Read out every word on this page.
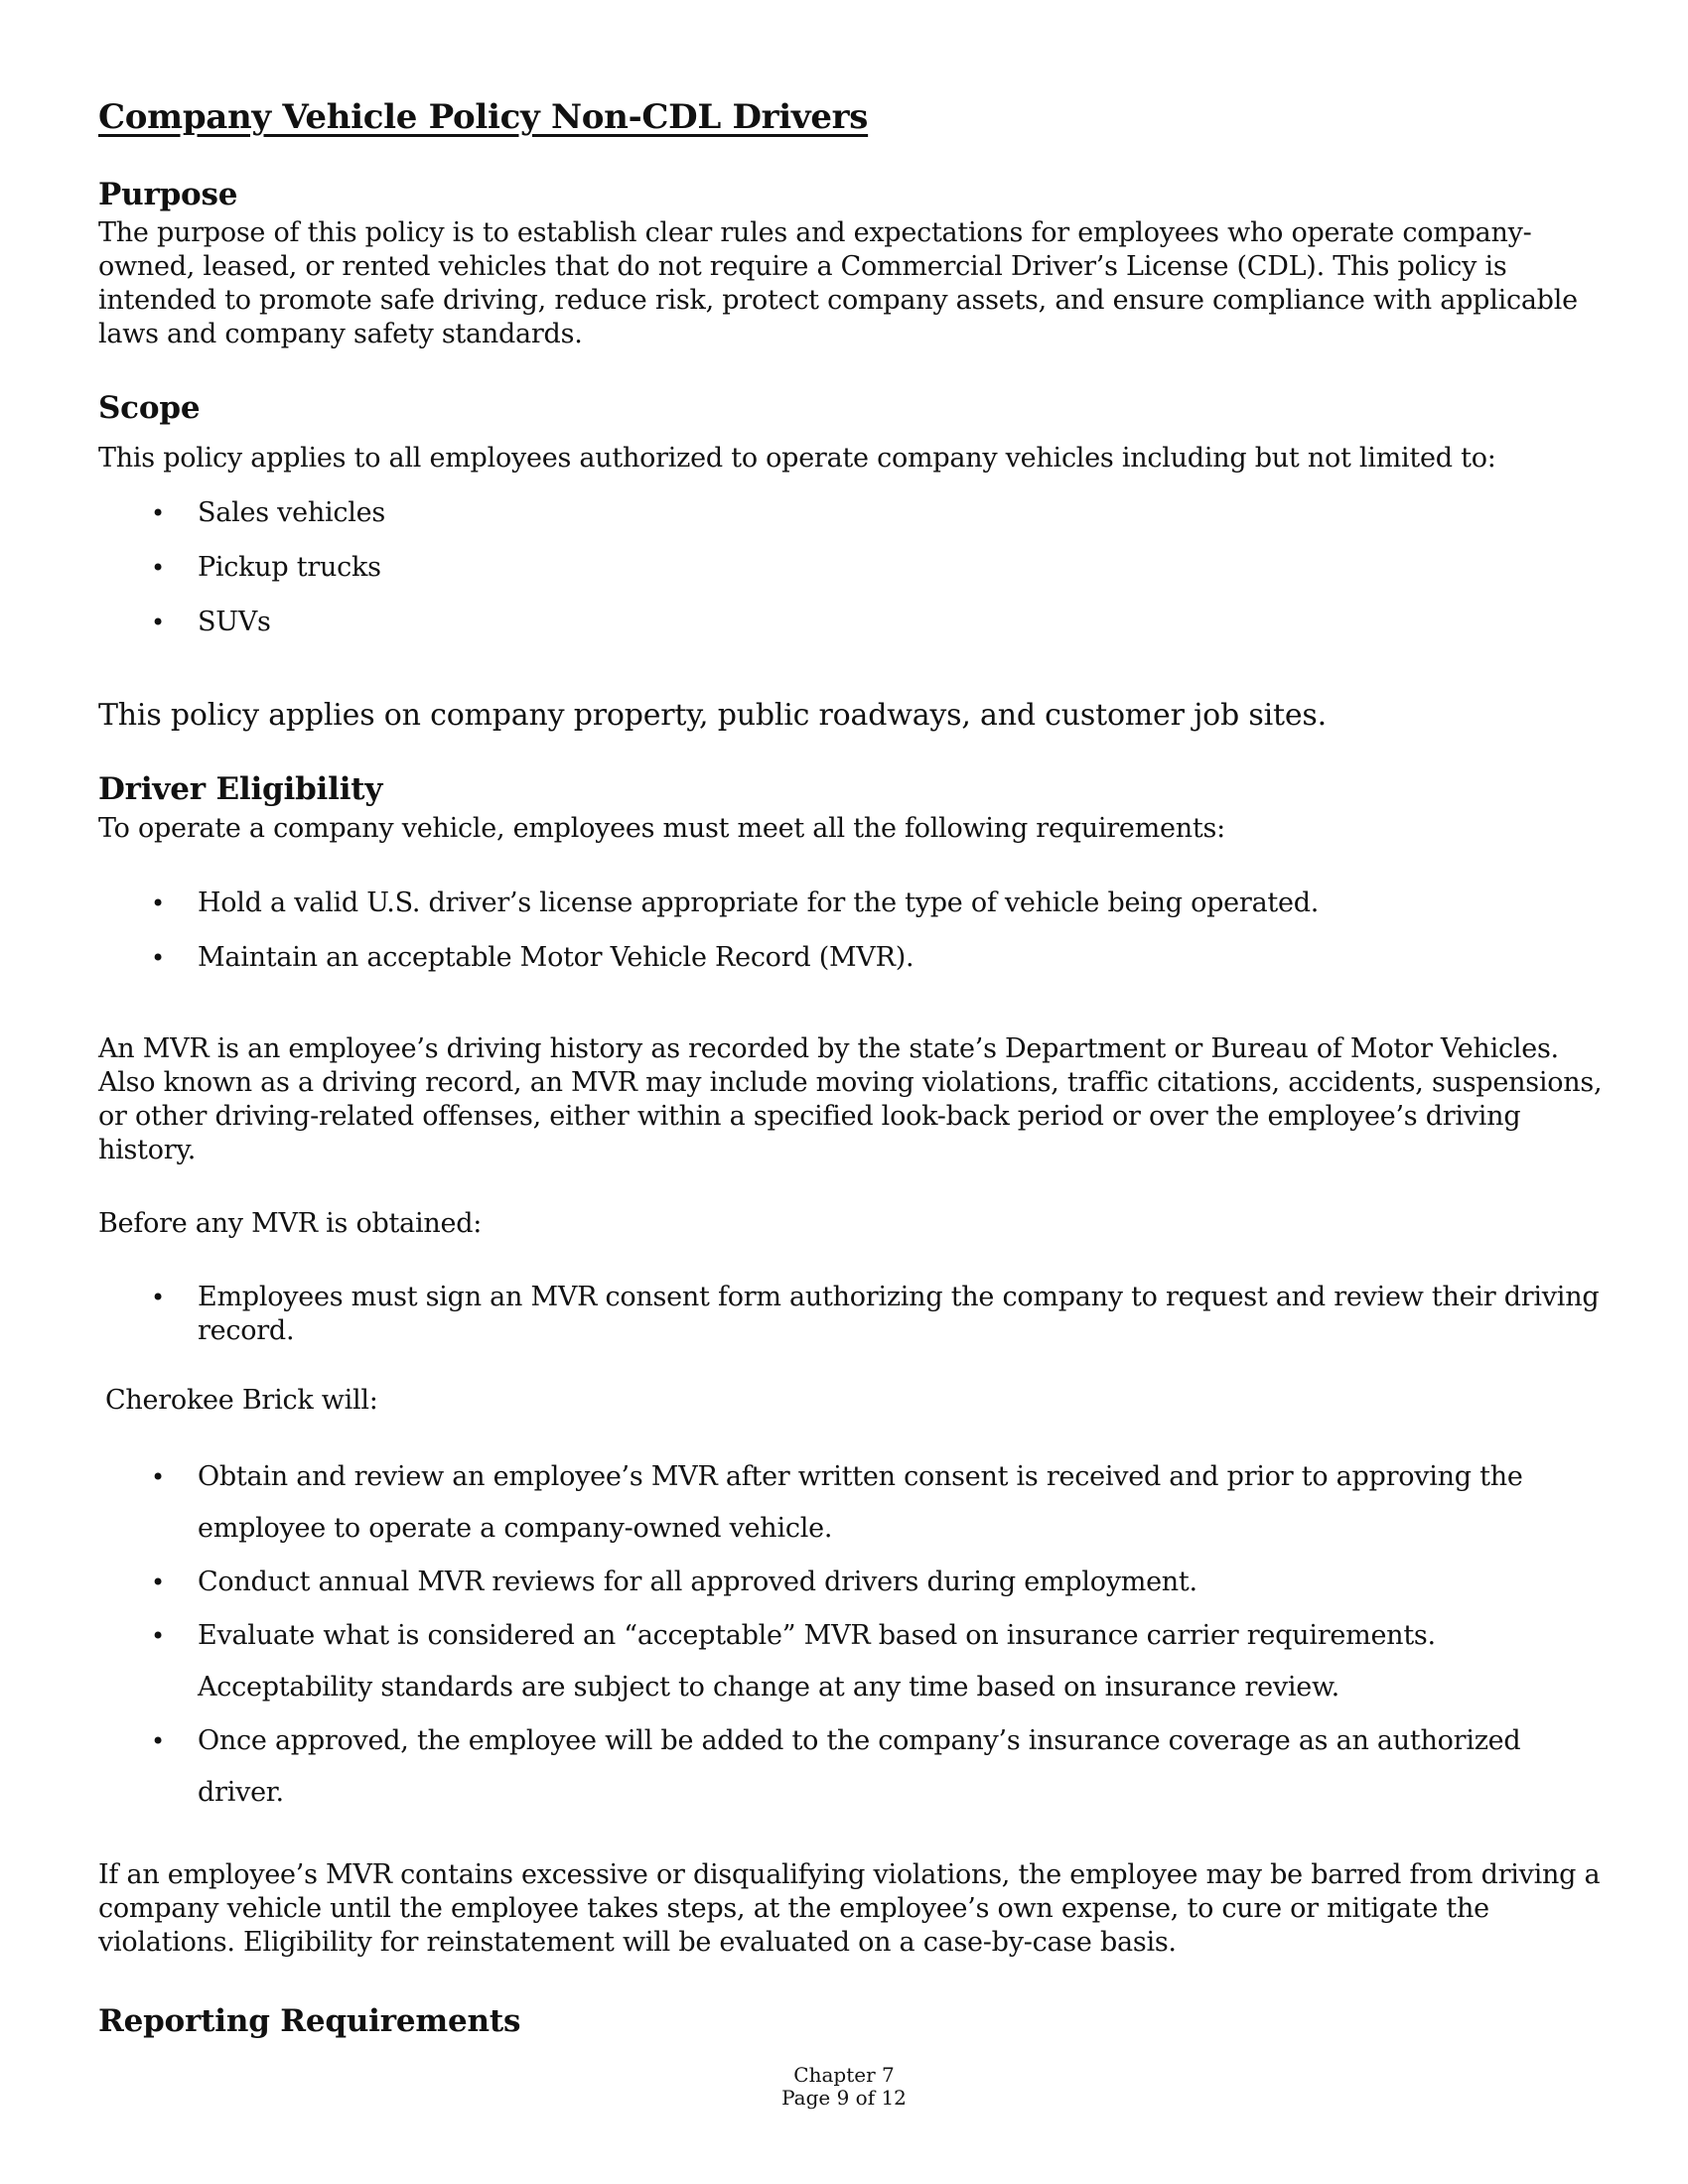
Company Vehicle Policy Non-CDL Drivers
Purpose

The purpose of this policy is to establish clear rules and expectations for employees who operate company-owned, leased, or rented vehicles that do not require a Commercial Driver’s License (CDL). This policy is intended to promote safe driving, reduce risk, protect company assets, and ensure compliance with applicable laws and company safety standards.

Scope

This policy applies to all employees authorized to operate company vehicles including but not limited to:

• Sales vehicles
• Pickup trucks
• SUVs

This policy applies on company property, public roadways, and customer job sites.

Driver Eligibility

To operate a company vehicle, employees must meet all the following requirements:

• Hold a valid U.S. driver’s license appropriate for the type of vehicle being operated.
• Maintain an acceptable Motor Vehicle Record (MVR).

An MVR is an employee’s driving history as recorded by the state’s Department or Bureau of Motor Vehicles. Also known as a driving record, an MVR may include moving violations, traffic citations, accidents, suspensions, or other driving-related offenses, either within a specified look-back period or over the employee’s driving history.

Before any MVR is obtained:

• Employees must sign an MVR consent form authorizing the company to request and review their driving record.

Cherokee Brick will:

• Obtain and review an employee’s MVR after written consent is received and prior to approving the employee to operate a company-owned vehicle.
• Conduct annual MVR reviews for all approved drivers during employment.
• Evaluate what is considered an “acceptable” MVR based on insurance carrier requirements. Acceptability standards are subject to change at any time based on insurance review.
• Once approved, the employee will be added to the company’s insurance coverage as an authorized driver.

If an employee’s MVR contains excessive or disqualifying violations, the employee may be barred from driving a company vehicle until the employee takes steps, at the employee’s own expense, to cure or mitigate the violations. Eligibility for reinstatement will be evaluated on a case-by-case basis.

Reporting Requirements
Chapter 7
Page 9 of 12
